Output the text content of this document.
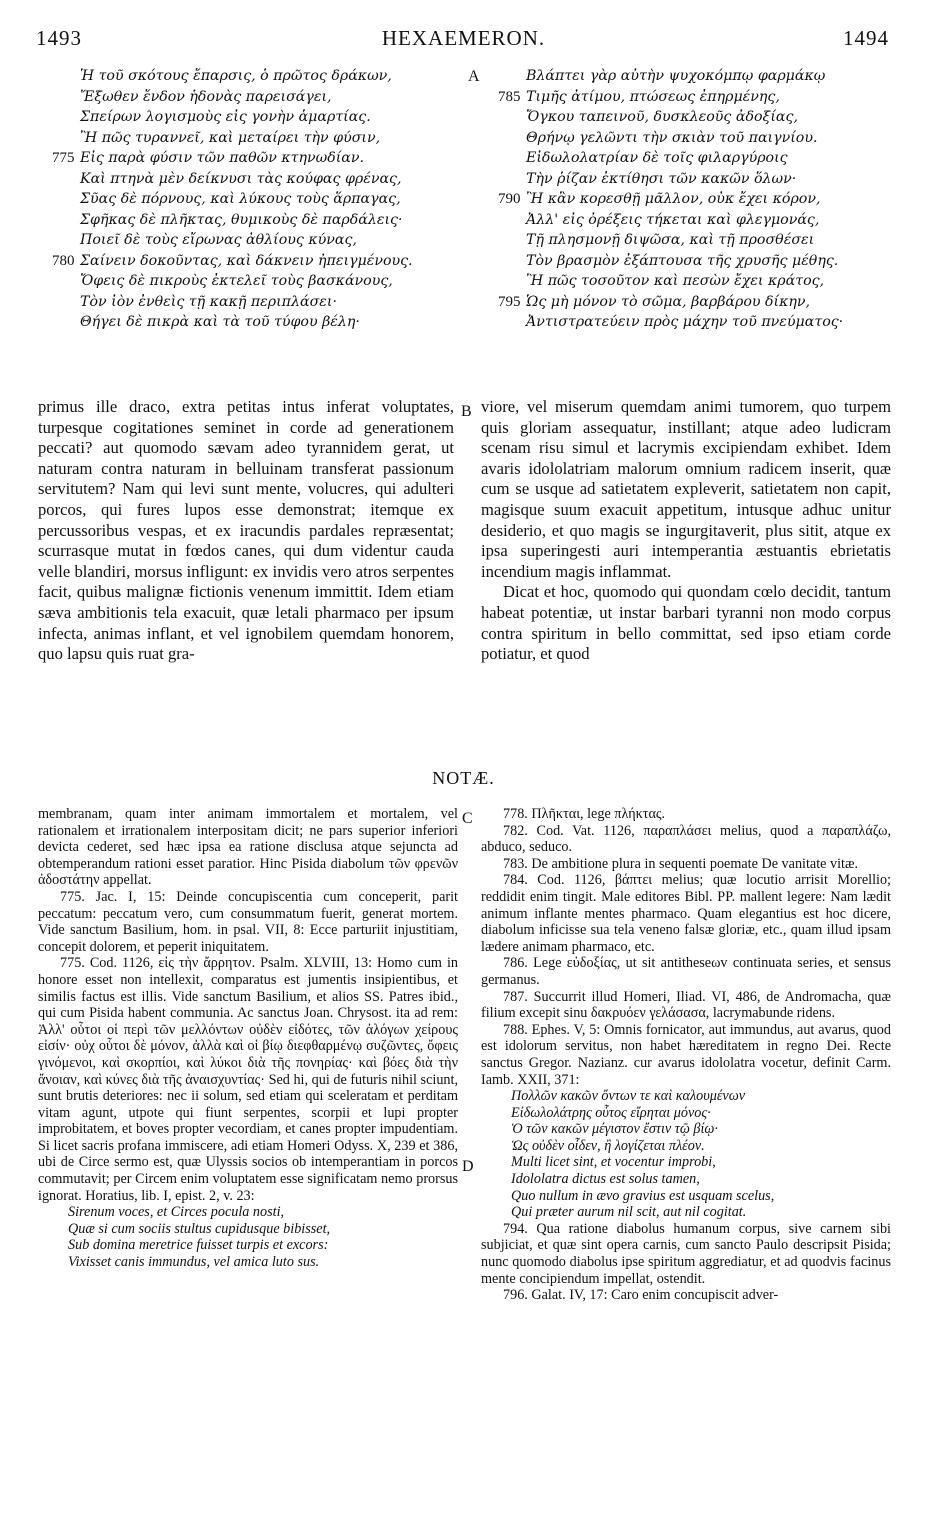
1493	HEXAEMERON.	1494
Ἡ τοῦ σκότους ἔπαρσις, ὁ πρῶτος δράκων,
Ἔξωθεν ἔνδον ἡδονὰς παρεισάγει,
Σπείρων λογισμοὺς εἰς γονὴν ἁμαρτίας.
Ἢ πῶς τυραννεῖ, καὶ μεταίρει τὴν φύσιν,
775 Εἰς παρὰ φύσιν τῶν παθῶν κτηνωδίαν.
Καὶ πτηνὰ μὲν δείκνυσι τὰς κούφας φρένας,
Σῦας δὲ πόρνους, καὶ λύκους τοὺς ἅρπαγας,
Σφῆκας δὲ πλῆκτας, θυμικοὺς δὲ παρδάλεις·
Ποιεῖ δὲ τοὺς εἴρωνας ἀθλίους κύνας,
780 Σαίνειν δοκοῦντας, καὶ δάκνειν ἠπειγμένους.
Ὄφεις δὲ πικροὺς ἐκτελεῖ τοὺς βασκάνους,
Τὸν ἰὸν ἐνθεὶς τῇ κακῇ περιπλάσει·
Θήγει δὲ πικρὰ καὶ τὰ τοῦ τύφου βέλη·
A	Βλάπτει γὰρ αὐτὴν ψυχοκόμπῳ φαρμάκῳ
785 Τιμῆς ἀτίμου, πτώσεως ἐπηρμένης,
Ὄγκου ταπεινοῦ, δυσκλεοῦς ἀδοξίας,
Θρήνῳ γελῶντι τὴν σκιὰν τοῦ παιγνίου.
Εἰδωλολατρίαν δὲ τοῖς φιλαργύροις
Τὴν ῥίζαν ἐκτίθησι τῶν κακῶν ὅλων·
790 Ἢ κἂν κορεσθῇ μᾶλλον, οὐκ ἔχει κόρον,
Ἀλλ' εἰς ὀρέξεις τήκεται καὶ φλεγμονάς,
Τῇ πλησμονῇ διψῶσα, καὶ τῇ προσθέσει
Τὸν βρασμὸν ἐξάπτουσα τῆς χρυσῆς μέθης.
Ἢ πῶς τοσοῦτον καὶ πεσὼν ἔχει κράτος,
795 Ὡς μὴ μόνον τὸ σῶμα, βαρβάρου δίκην,
Ἀντιστρατεύειν πρὸς μάχην τοῦ πνεύματος·

primus ille draco, extra petitas intus inferat voluptates, turpesque cogitationes seminet in corde ad generationem peccati? aut quomodo sævam adeo tyrannidem gerat, ut naturam contra naturam in belluinam transferat passionum servitutem? Nam qui levi sunt mente, volucres, qui adulteri porcos, qui fures lupos esse demonstrat; itemque ex percussoribus vespas, et ex iracundis pardales repræsentat; scurrasque mutat in fœdos canes, qui dum videntur cauda velle blandiri, morsus infligunt: ex invidis vero atros serpentes facit, quibus malignæ fictionis venenum immittit. Idem etiam sæva ambitionis tela exacuit, quæ letali pharmaco per ipsum infecta, animas inflant, et vel ignobilem quemdam honorem, quo lapsu quis ruat gra-

B viore, vel miserum quemdam animi tumorem, quo turpem quis gloriam assequatur, instillant; atque adeo ludicram scenam risu simul et lacrymis excipiendam exhibet. Idem avaris idololatriam malorum omnium radicem inserit, quæ cum se usque ad satietatem expleverit, satietatem non capit, magisque suum exacuit appetitum, intusque adhuc unitur desiderio, et quo magis se ingurgitaverit, plus sitit, atque ex ipsa superingesti auri intemperantia æstuantis ebrietatis incendium magis inflammat.

Dicat et hoc, quomodo qui quondam cœlo decidit, tantum habeat potentiæ, ut instar barbari tyranni non modo corpus contra spiritum in bello committat, sed ipso etiam corde potiatur, et quod

NOTÆ.

membranam, quam inter animam immortalem et mortalem, vel rationalem et irrationalem interpositam dicit; ne pars superior inferiori devicta cederet, sed hæc ipsa ea ratione disclusa atque sejuncta ad obtemperandum rationi esset paratior. Hinc Pisida diabolum τῶν φρενῶν ἀδοστάτην appellat.

775. Jac. I, 15: Deinde concupiscentia cum conceperit, parit peccatum: peccatum vero, cum consummatum fuerit, generat mortem. Vide sanctum Basilium, hom. in psal. VII, 8: Ecce parturiit injustitiam, concepit dolorem, et peperit iniquitatem.

775. Cod. 1126, εἰς τὴν ἄρρητον. Psalm. XLVIII, 13: Homo cum in honore esset non intellexit, comparatus est jumentis insipientibus, et similis factus est illis. Vide sanctum Basilium, et alios SS. Patres ibid., qui cum Pisida habent communia. Ac sanctus Joan. Chrysost. ita ad rem: Ἀλλ' οὗτοι οἱ περὶ τῶν μελλόντων οὐδὲν εἰδότες, τῶν ἀλόγων χείρους εἰσίν· οὐχ οὗτοι δὲ μόνον, ἀλλὰ καὶ οἱ βίῳ διεφθαρμένῳ συζῶντες, ὄφεις γινόμενοι, καὶ σκορπίοι, καὶ λύκοι διὰ τῆς πονηρίας· καὶ βόες διὰ τὴν ἄνοιαν, καὶ κύνες διὰ τῆς ἀναισχυντίας· Sed hi, qui de futuris nihil sciunt, sunt brutis deteriores: nec ii solum, sed etiam qui sceleratam et perditam vitam agunt, utpote qui fiunt serpentes, scorpii et lupi propter improbitatem, et boves propter vecordiam, et canes propter impudentiam. Si licet sacris profana immiscere, adi etiam Homeri Odyss. X, 239 et 386, ubi de Circe sermo est, quæ Ulyssis socios ob intemperantiam in porcos commutavit; per Circem enim voluptatem esse significatam nemo prorsus ignorat. Horatius, lib. I, epist. 2, v. 23:

Sirenum voces, et Circes pocula nosti,
Quæ si cum sociis stultus cupidusque bibisset,
Sub domina meretrice fuisset turpis et excors:
Vixisset canis immundus, vel amica luto sus.
C
D

778. Πλῆκται, lege πλήκτας.

782. Cod. Vat. 1126, παραπλάσει melius, quod a παραπλάζω, abduco, seduco.

783. De ambitione plura in sequenti poemate De vanitate vitæ.

784. Cod. 1126, βάπτει melius; quæ locutio arrisit Morellio; reddidit enim tingit. Male editores Bibl. PP. mallent legere: Nam lædit animum inflante mentes pharmaco. Quam elegantius est hoc dicere, diabolum inficisse sua tela veneno falsæ gloriæ, etc., quam illud ipsam lædere animam pharmaco, etc.

786. Lege εὐδοξίας, ut sit antitheseωv continuata series, et sensus germanus.

787. Succurrit illud Homeri, Iliad. VI, 486, de Andromacha, quæ filium excepit sinu δακρυόεν γελάσασα, lacrymabunde ridens.

788. Ephes. V, 5: Omnis fornicator, aut immundus, aut avarus, quod est idolorum servitus, non habet hæreditatem in regno Dei. Recte sanctus Gregor. Nazianz. cur avarus idololatra vocetur, definit Carm. Iamb. XXII, 371:

Πολλῶν κακῶν ὄντων τε καὶ καλουμένων
Εἰδωλολάτρης οὗτος εἴρηται μόνος·
Ὁ τῶν κακῶν μέγιστον ἔστιν τῷ βίῳ·
Ὡς οὐδὲν οἶδεν, ἢ λογίζεται πλέον.
Multi licet sint, et vocentur improbi,
Idololatra dictus est solus tamen,
Quo nullum in ævo gravius est usquam scelus,
Qui præter aurum nil scit, aut nil cogitat.

794. Qua ratione diabolus humanum corpus, sive carnem sibi subjiciat, et quæ sint opera carnis, cum sancto Paulo descripsit Pisida; nunc quomodo diabolus ipse spiritum aggrediatur, et ad quodvis facinus mente concipiendum impellat, ostendit.

796. Galat. IV, 17: Caro enim concupiscit adver-
